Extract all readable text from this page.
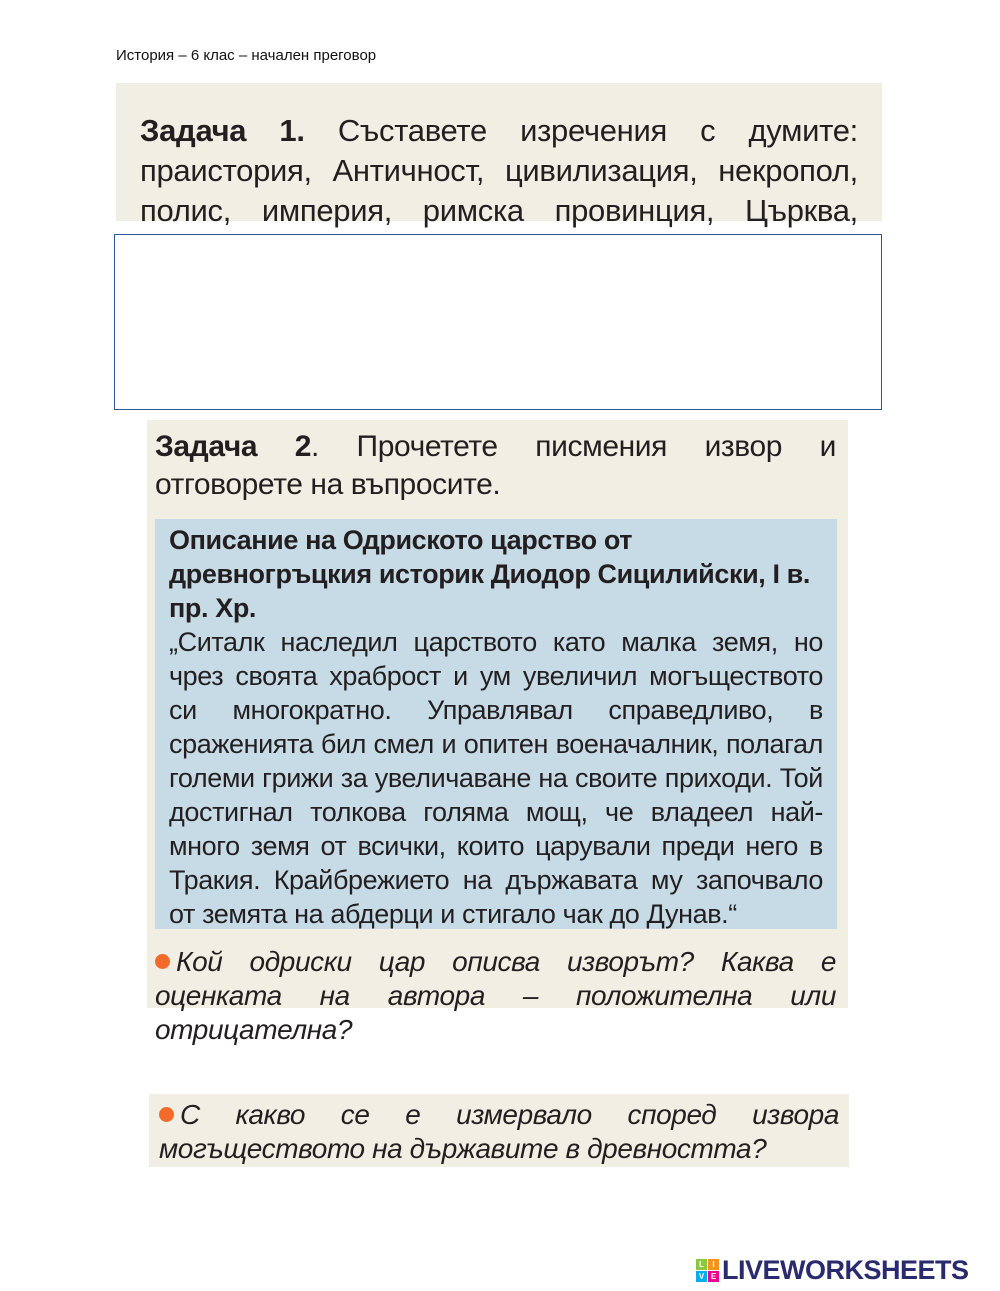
История – 6 клас – начален преговор
Задача 1. Съставете изречения с думите: праистория, Античност, цивилизация, некропол, полис, империя, римска провинция, Църква,
Задача 2. Прочетете писмения извор и отговорете на въпросите.
Описание на Одриското царство от древногръцкия историк Диодор Сицилийски, I в. пр. Хр.
„Ситалк наследил царството като малка земя, но чрез своята храброст и ум увеличил могъществото си многократно. Управлявал справедливо, в сраженията бил смел и опитен военачалник, полагал големи грижи за увеличаване на своите приходи. Той достигнал толкова голяма мощ, че владеел най-много земя от всички, които царували преди него в Тракия. Крайбрежието на държавата му започвало от земята на абдерци и стигало чак до Дунав.“
Кой одриски цар описва изворът? Каква е оценката на автора – положителна или отрицателна?
С какво се е измервало според извора могъществото на държавите в древността?
L	I
V E LIVEWORKSHEETS
